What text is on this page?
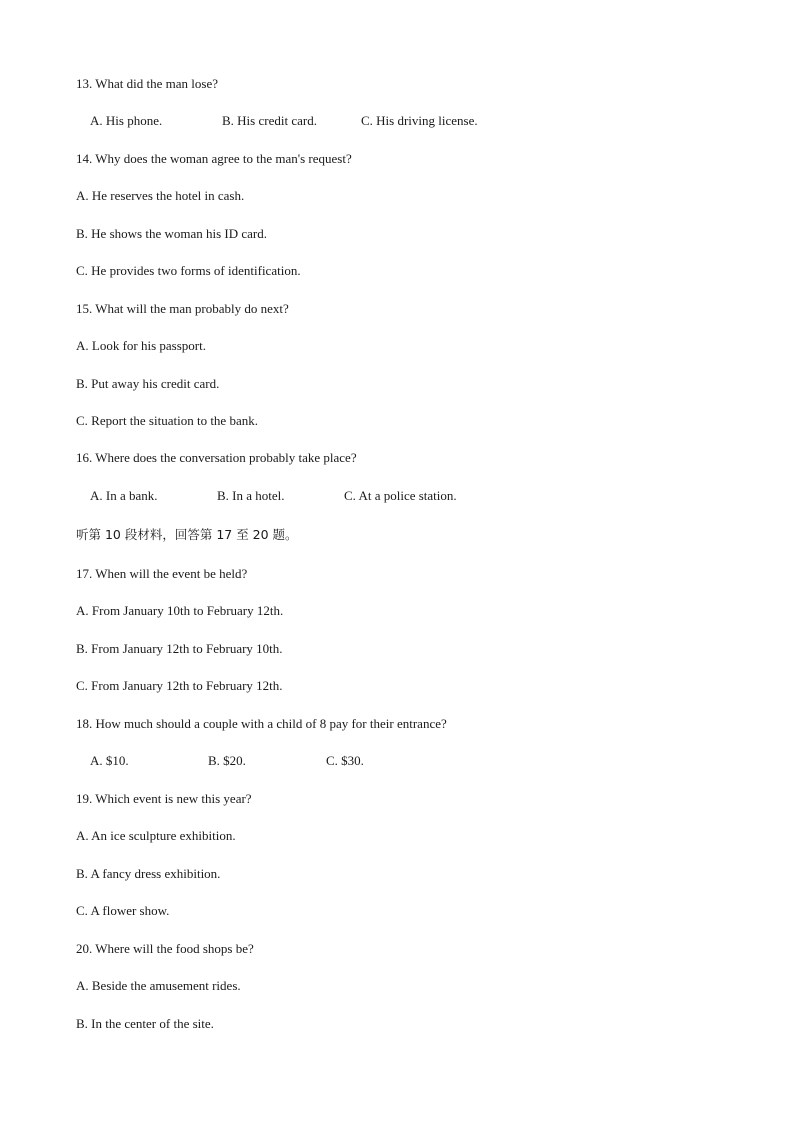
13. What did the man lose?
A. His phone.	B. His credit card.	C. His driving license.
14. Why does the woman agree to the man's request?
A. He reserves the hotel in cash.
B. He shows the woman his ID card.
C. He provides two forms of identification.
15. What will the man probably do next?
A. Look for his passport.
B. Put away his credit card.
C. Report the situation to the bank.
16. Where does the conversation probably take place?
A. In a bank.	B. In a hotel.	C. At a police station.
听第 10 段材料，回答第 17 至 20 题。
17. When will the event be held?
A. From January 10th to February 12th.
B. From January 12th to February 10th.
C. From January 12th to February 12th.
18. How much should a couple with a child of 8 pay for their entrance?
A. $10.	B. $20.	C. $30.
19. Which event is new this year?
A. An ice sculpture exhibition.
B. A fancy dress exhibition.
C. A flower show.
20. Where will the food shops be?
A. Beside the amusement rides.
B. In the center of the site.
